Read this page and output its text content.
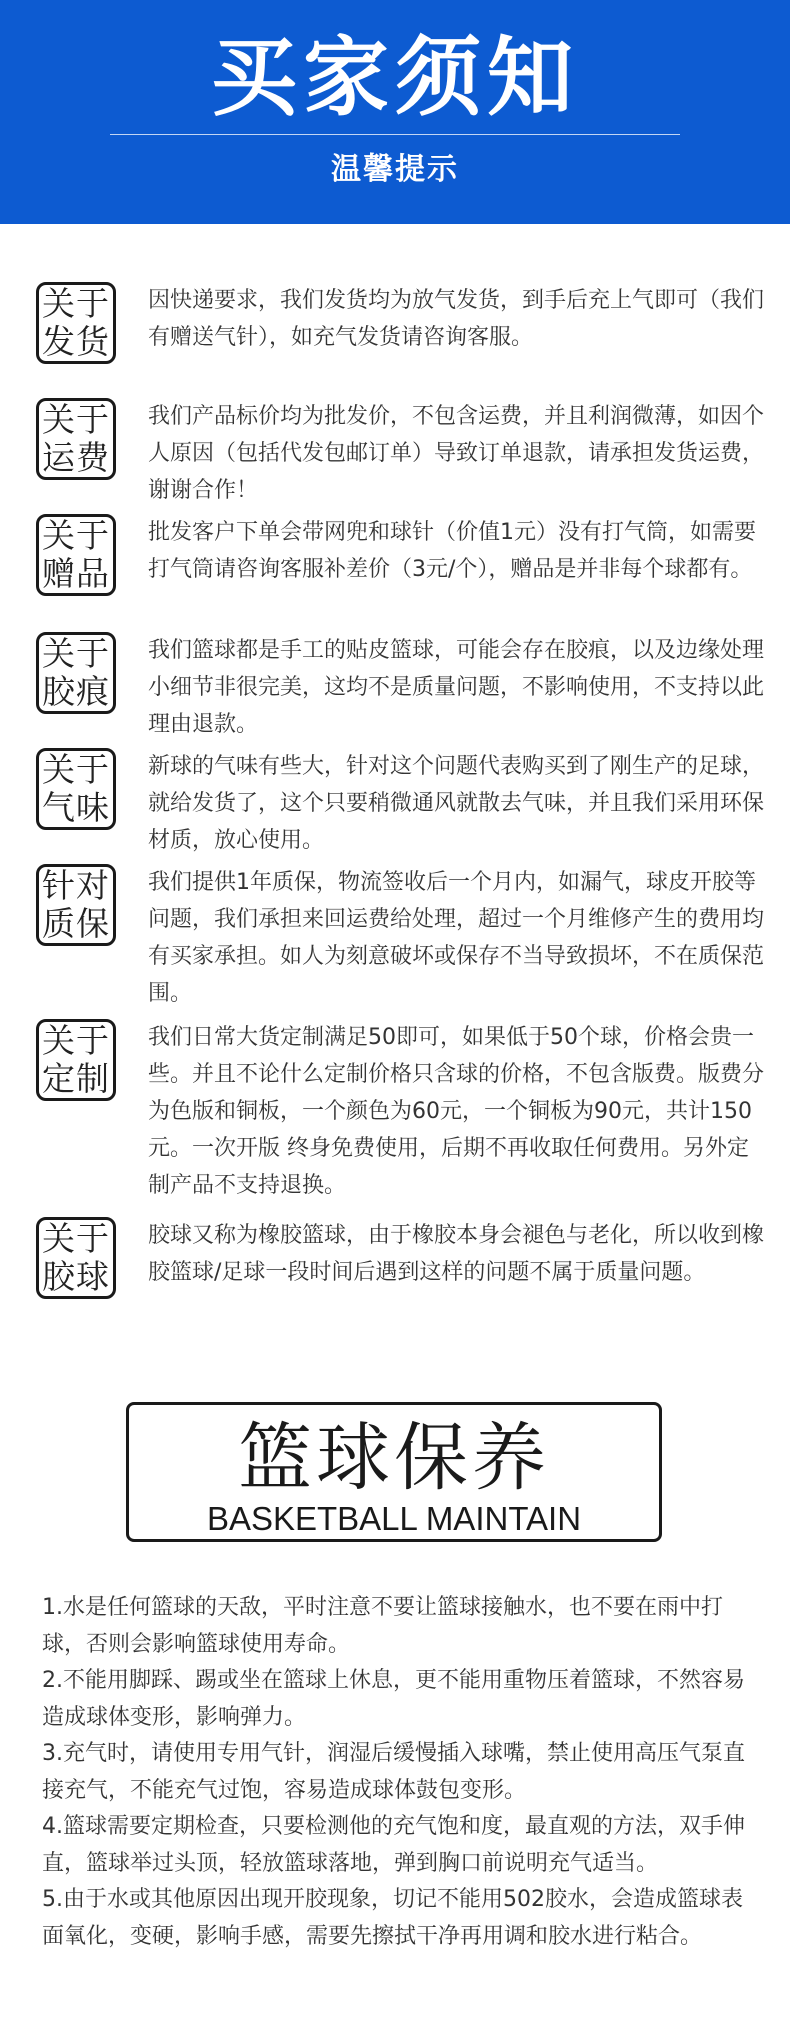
买家须知
温馨提示
关于
发货
因快递要求，我们发货均为放气发货，到手后充上气即可（我们有赠送气针），如充气发货请咨询客服。
关于
运费
我们产品标价均为批发价，不包含运费，并且利润微薄，如因个人原因（包括代发包邮订单）导致订单退款，请承担发货运费，谢谢合作！
关于
赠品
批发客户下单会带网兜和球针（价值1元）没有打气筒，如需要打气筒请咨询客服补差价（3元/个），赠品是并非每个球都有。
关于
胶痕
我们篮球都是手工的贴皮篮球，可能会存在胶痕，以及边缘处理小细节非很完美，这均不是质量问题，不影响使用，不支持以此理由退款。
关于
气味
新球的气味有些大，针对这个问题代表购买到了刚生产的足球，就给发货了，这个只要稍微通风就散去气味，并且我们采用环保材质，放心使用。
针对
质保
我们提供1年质保，物流签收后一个月内，如漏气，球皮开胶等问题，我们承担来回运费给处理，超过一个月维修产生的费用均有买家承担。如人为刻意破坏或保存不当导致损坏，不在质保范围。
关于
定制
我们日常大货定制满足50即可，如果低于50个球，价格会贵一些。并且不论什么定制价格只含球的价格，不包含版费。版费分为色版和铜板，一个颜色为60元，一个铜板为90元，共计150元。一次开版 终身免费使用，后期不再收取任何费用。另外定制产品不支持退换。
关于
胶球
胶球又称为橡胶篮球，由于橡胶本身会褪色与老化，所以收到橡胶篮球/足球一段时间后遇到这样的问题不属于质量问题。
篮球保养
BASKETBALL MAINTAIN

1.水是任何篮球的天敌，平时注意不要让篮球接触水，也不要在雨中打球，否则会影响篮球使用寿命。

2.不能用脚踩、踢或坐在篮球上休息，更不能用重物压着篮球，不然容易造成球体变形，影响弹力。

3.充气时，请使用专用气针，润湿后缓慢插入球嘴，禁止使用高压气泵直接充气，不能充气过饱，容易造成球体鼓包变形。

4.篮球需要定期检查，只要检测他的充气饱和度，最直观的方法，双手伸直，篮球举过头顶，轻放篮球落地，弹到胸口前说明充气适当。

5.由于水或其他原因出现开胶现象，切记不能用502胶水，会造成篮球表面氧化，变硬，影响手感，需要先擦拭干净再用调和胶水进行粘合。
